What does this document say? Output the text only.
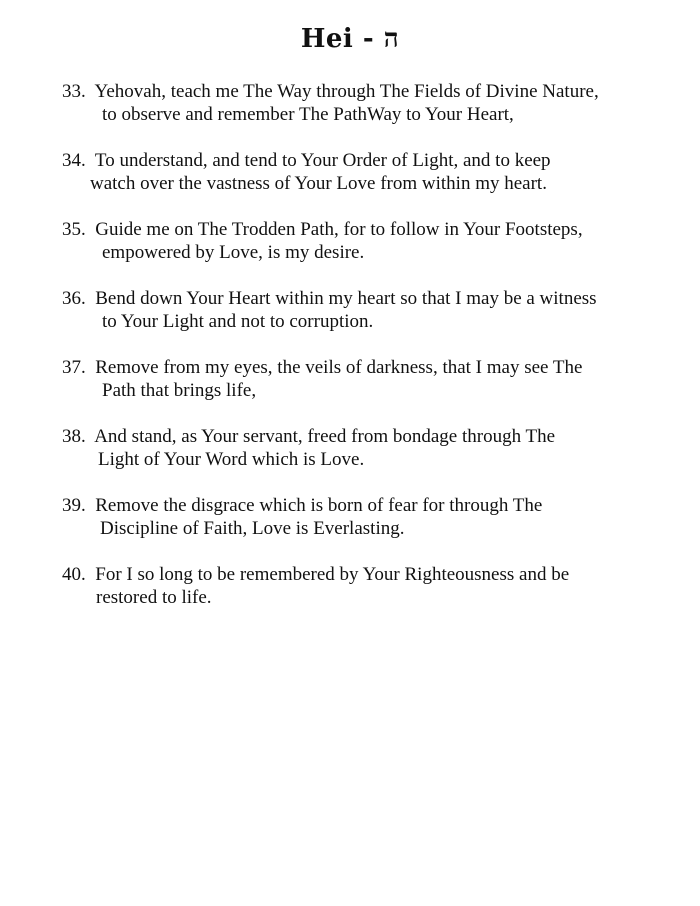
Hei - ה
33. Yehovah, teach me The Way through The Fields of Divine Nature,
to observe and remember The PathWay to Your Heart,
34. To understand, and tend to Your Order of Light, and to keep
watch over the vastness of Your Love from within my heart.
35. Guide me on The Trodden Path, for to follow in Your Footsteps,
empowered by Love, is my desire.
36. Bend down Your Heart within my heart so that I may be a witness
to Your Light and not to corruption.
37. Remove from my eyes, the veils of darkness, that I may see The
Path that brings life,
38. And stand, as Your servant, freed from bondage through The
Light of Your Word which is Love.
39. Remove the disgrace which is born of fear for through The
Discipline of Faith, Love is Everlasting.
40. For I so long to be remembered by Your Righteousness and be
restored to life.
